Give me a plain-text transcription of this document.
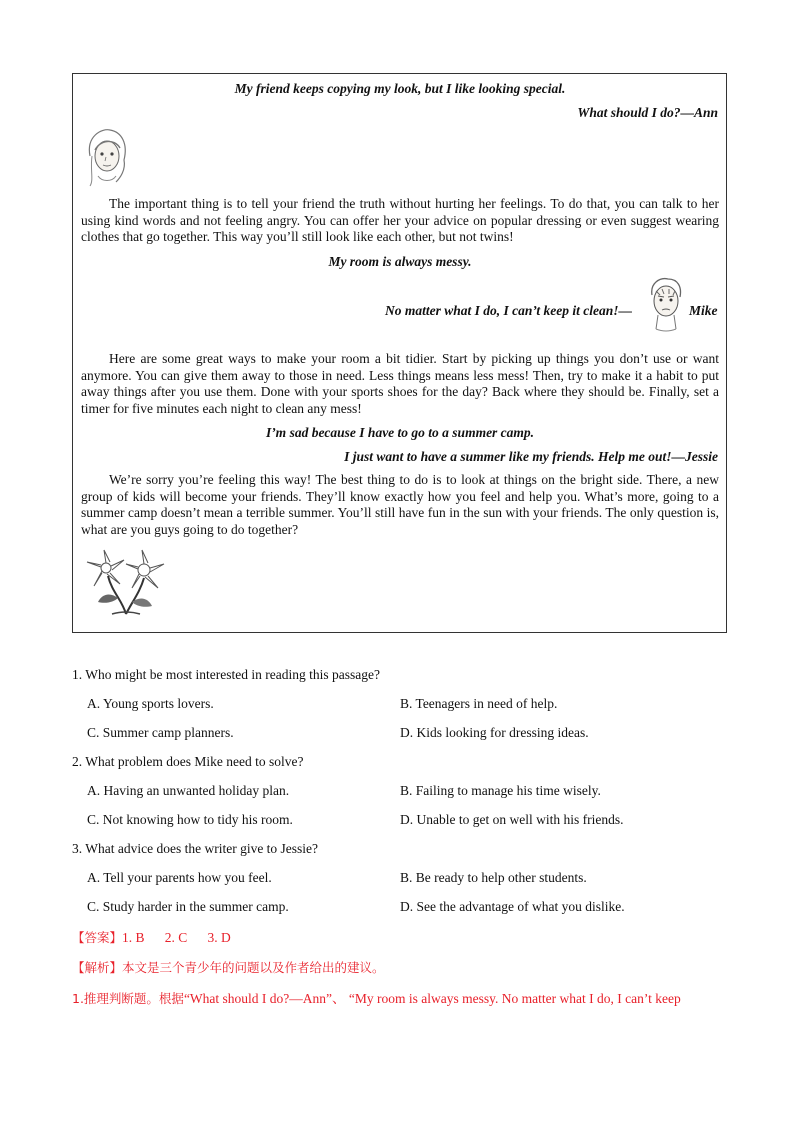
My friend keeps copying my look, but I like looking special.
What should I do?—Ann

The important thing is to tell your friend the truth without hurting her feelings. To do that, you can talk to her using kind words and not feeling angry. You can offer her your advice on popular dressing or even suggest wearing clothes that go together. This way you’ll still look like each other, but not twins!

My room is always messy.
No matter what I do, I can’t keep it clean!—	Mike

Here are some great ways to make your room a bit tidier. Start by picking up things you don’t use or want anymore. You can give them away to those in need. Less things means less mess! Then, try to make it a habit to put away things after you use them. Done with your sports shoes for the day? Back where they should be. Finally, set a timer for five minutes each night to clean any mess!

I’m sad because I have to go to a summer camp.
I just want to have a summer like my friends. Help me out!—Jessie

We’re sorry you’re feeling this way! The best thing to do is to look at things on the bright side. There, a new group of kids will become your friends. They’ll know exactly how you feel and help you. What’s more, going to a summer camp doesn’t mean a terrible summer. You’ll still have fun in the sun with your friends. The only question is, what are you guys going to do together?

1. Who might be most interested in reading this passage?
A. Young sports lovers.	B. Teenagers in need of help.
C. Summer camp planners.	D. Kids looking for dressing ideas.
2. What problem does Mike need to solve?
A. Having an unwanted holiday plan.	B. Failing to manage his time wisely.
C. Not knowing how to tidy his room.	D. Unable to get on well with his friends.
3. What advice does the writer give to Jessie?
A. Tell your parents how you feel.	B. Be ready to help other students.
C. Study harder in the summer camp.	D. See the advantage of what you dislike.
【答案】1. B      2. C      3. D
【解析】本文是三个青少年的问题以及作者给出的建议。
1.推理判断题。根据“What should I do?—Ann”、 “My room is always messy. No matter what I do, I can’t keep
